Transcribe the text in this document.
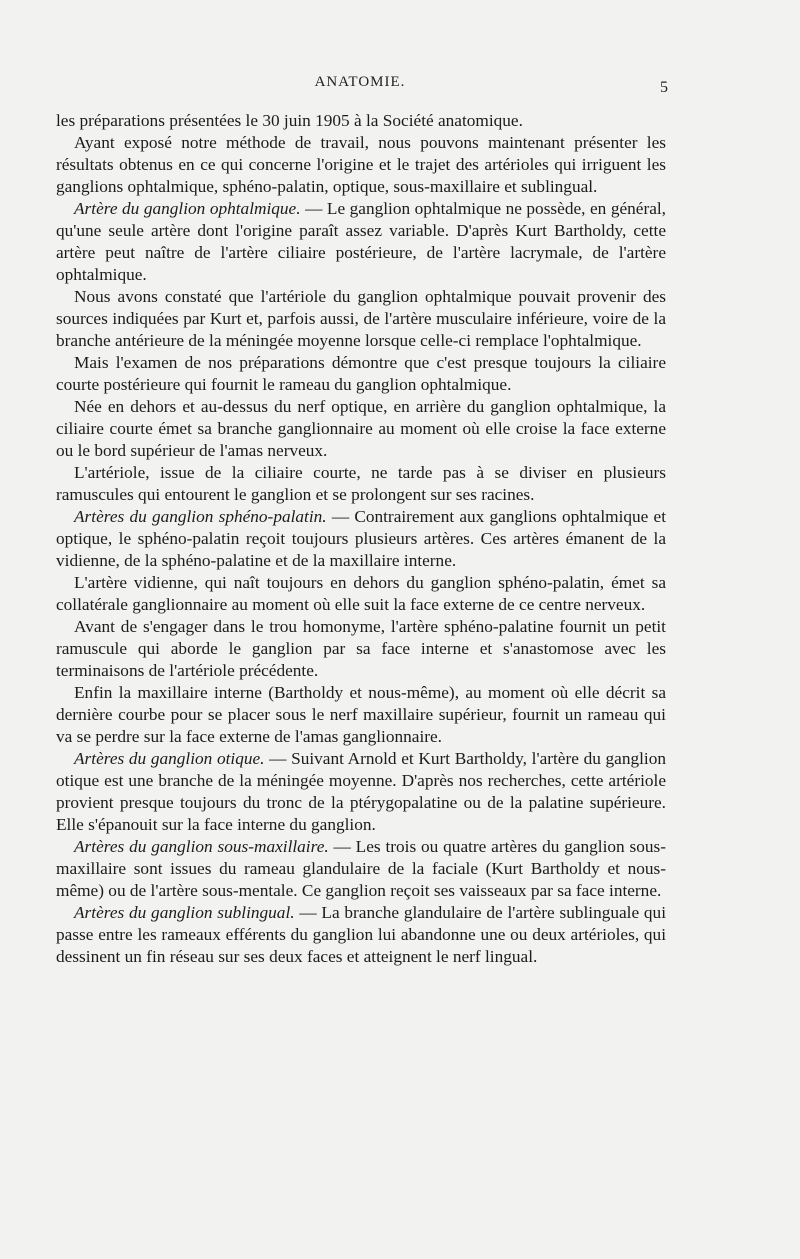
ANATOMIE.	5

les préparations présentées le 30 juin 1905 à la Société anatomique.

Ayant exposé notre méthode de travail, nous pouvons maintenant présenter les résultats obtenus en ce qui concerne l'origine et le trajet des artérioles qui irriguent les ganglions ophtalmique, sphéno-palatin, optique, sous-maxillaire et sublingual.

Artère du ganglion ophtalmique. — Le ganglion ophtalmique ne possède, en général, qu'une seule artère dont l'origine paraît assez variable. D'après Kurt Bartholdy, cette artère peut naître de l'artère ciliaire postérieure, de l'artère lacrymale, de l'artère ophtalmique.

Nous avons constaté que l'artériole du ganglion ophtalmique pouvait provenir des sources indiquées par Kurt et, parfois aussi, de l'artère musculaire inférieure, voire de la branche antérieure de la méningée moyenne lorsque celle-ci remplace l'ophtalmique.

Mais l'examen de nos préparations démontre que c'est presque toujours la ciliaire courte postérieure qui fournit le rameau du ganglion ophtalmique.

Née en dehors et au-dessus du nerf optique, en arrière du ganglion ophtalmique, la ciliaire courte émet sa branche ganglionnaire au moment où elle croise la face externe ou le bord supérieur de l'amas nerveux.

L'artériole, issue de la ciliaire courte, ne tarde pas à se diviser en plusieurs ramuscules qui entourent le ganglion et se prolongent sur ses racines.

Artères du ganglion sphéno-palatin. — Contrairement aux ganglions ophtalmique et optique, le sphéno-palatin reçoit toujours plusieurs artères. Ces artères émanent de la vidienne, de la sphéno-palatine et de la maxillaire interne.

L'artère vidienne, qui naît toujours en dehors du ganglion sphéno-palatin, émet sa collatérale ganglionnaire au moment où elle suit la face externe de ce centre nerveux.

Avant de s'engager dans le trou homonyme, l'artère sphéno-palatine fournit un petit ramuscule qui aborde le ganglion par sa face interne et s'anastomose avec les terminaisons de l'artériole précédente.

Enfin la maxillaire interne (Bartholdy et nous-même), au moment où elle décrit sa dernière courbe pour se placer sous le nerf maxillaire supérieur, fournit un rameau qui va se perdre sur la face externe de l'amas ganglionnaire.

Artères du ganglion otique. — Suivant Arnold et Kurt Bartholdy, l'artère du ganglion otique est une branche de la méningée moyenne. D'après nos recherches, cette artériole provient presque toujours du tronc de la ptérygopalatine ou de la palatine supérieure. Elle s'épanouit sur la face interne du ganglion.

Artères du ganglion sous-maxillaire. — Les trois ou quatre artères du ganglion sous-maxillaire sont issues du rameau glandulaire de la faciale (Kurt Bartholdy et nous-même) ou de l'artère sous-mentale. Ce ganglion reçoit ses vaisseaux par sa face interne.

Artères du ganglion sublingual. — La branche glandulaire de l'artère sublinguale qui passe entre les rameaux efférents du ganglion lui abandonne une ou deux artérioles, qui dessinent un fin réseau sur ses deux faces et atteignent le nerf lingual.
